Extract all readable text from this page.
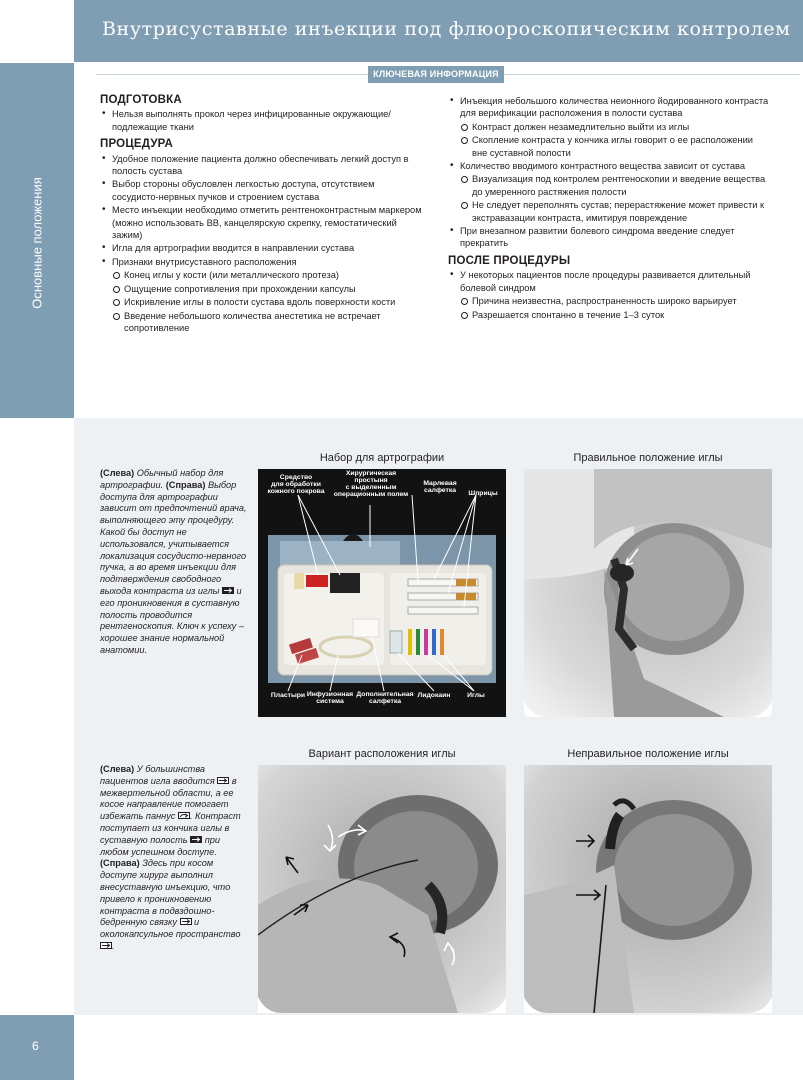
Внутрисуставные инъекции под флюороскопическим контролем
Основные положения
КЛЮЧЕВАЯ ИНФОРМАЦИЯ
ПОДГОТОВКА
• Нельзя выполнять прокол через инфицированные окружающие/подлежащие ткани
ПРОЦЕДУРА
• Удобное положение пациента должно обеспечивать легкий доступ в полость сустава
• Выбор стороны обусловлен легкостью доступа, отсутствием сосудисто-нервных пучков и строением сустава
• Место инъекции необходимо отметить рентгеноконтрастным маркером (можно использовать ВВ, канцелярскую скрепку, гемостатический зажим)
• Игла для артрографии вводится в направлении сустава
• Признаки внутрисуставного расположения
Конец иглы у кости (или металлического протеза)
Ощущение сопротивления при прохождении капсулы
Искривление иглы в полости сустава вдоль поверхности кости
Введение небольшого количества анестетика не встречает сопротивление
• Инъекция небольшого количества неионного йодированного контраста для верификации расположения в полости сустава
Контраст должен незамедлительно выйти из иглы
Скопление контраста у кончика иглы говорит о ее расположении вне суставной полости
• Количество вводимого контрастного вещества зависит от сустава
Визуализация под контролем рентгеноскопии и введение вещества до умеренного растяжения полости
Не следует переполнять сустав; перерастяжение может привести к экстравазации контраста, имитируя повреждение
• При внезапном развитии болевого синдрома введение следует прекратить
ПОСЛЕ ПРОЦЕДУРЫ
• У некоторых пациентов после процедуры развивается длительный болевой синдром
Причина неизвестна, распространенность широко варьирует
Разрешается спонтанно в течение 1–3 суток
(Слева) Обычный набор для артрографии. (Справа) Выбор доступа для артрографии зависит от предпочтений врача, выполняющего эту процедуру. Какой бы доступ не использовался, учитывается локализация сосудисто-нервного пучка, а во время инъекции для подтверждения свободного выхода контраста из иглы  и его проникновения в суставную полость проводится рентгеноскопия. Ключ к успеху – хорошее знание нормальной анатомии.
(Слева) У большинства пациентов игла вводится  в межвертельной области, а ее косое направление помогает избежать паннус . Контраст поступает из кончика иглы в суставную полость  при любом успешном доступе. (Справа) Здесь при косом доступе хирург выполнил внесуставную инъекцию, что привело к проникновению контраста в подвздошно-бедренную связку  и околокапсульное пространство .
Набор для артрографии	Правильное положение иглы
Вариант расположения иглы	Неправильное положение иглы
Средство для обработки кожного покрова
Хирургическая простыня с выделенным операционным полем
Марлевая салфетка Шприцы
Пластыри Инфузионная система
Дополнительная салфетка
Лидокаин Иглы
6
